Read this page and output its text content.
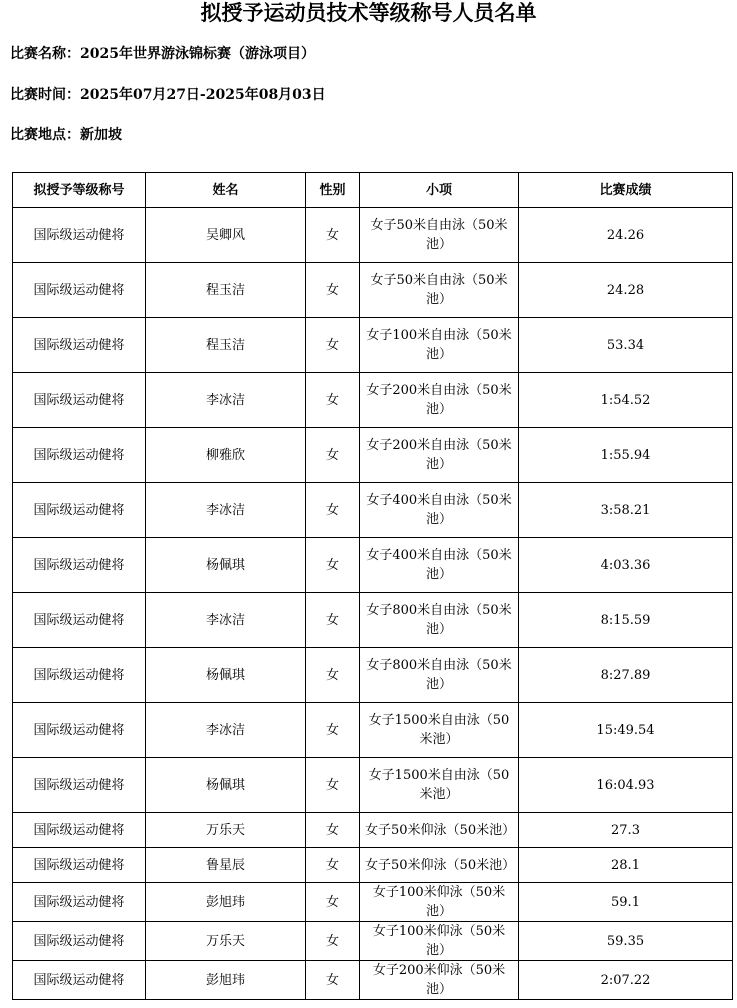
拟授予运动员技术等级称号人员名单
比赛名称：2025年世界游泳锦标赛（游泳项目）
比赛时间：2025年07月27日-2025年08月03日
比赛地点：新加坡
拟授予等级称号	姓名	性别	小项	比赛成绩
国际级运动健将	吴卿风	女	女子50米自由泳（50米池）	24.26
国际级运动健将	程玉洁	女	女子50米自由泳（50米池）	24.28
国际级运动健将	程玉洁	女	女子100米自由泳（50米池）	53.34
国际级运动健将	李冰洁	女	女子200米自由泳（50米池）	1:54.52
国际级运动健将	柳雅欣	女	女子200米自由泳（50米池）	1:55.94
国际级运动健将	李冰洁	女	女子400米自由泳（50米池）	3:58.21
国际级运动健将	杨佩琪	女	女子400米自由泳（50米池）	4:03.36
国际级运动健将	李冰洁	女	女子800米自由泳（50米池）	8:15.59
国际级运动健将	杨佩琪	女	女子800米自由泳（50米池）	8:27.89
国际级运动健将	李冰洁	女	女子1500米自由泳（50米池）	15:49.54
国际级运动健将	杨佩琪	女	女子1500米自由泳（50米池）	16:04.93
国际级运动健将	万乐天	女	女子50米仰泳（50米池）	27.3
国际级运动健将	鲁星辰	女	女子50米仰泳（50米池）	28.1
国际级运动健将	彭旭玮	女	女子100米仰泳（50米池）	59.1
国际级运动健将	万乐天	女	女子100米仰泳（50米池）	59.35
国际级运动健将	彭旭玮	女	女子200米仰泳（50米池）	2:07.22
